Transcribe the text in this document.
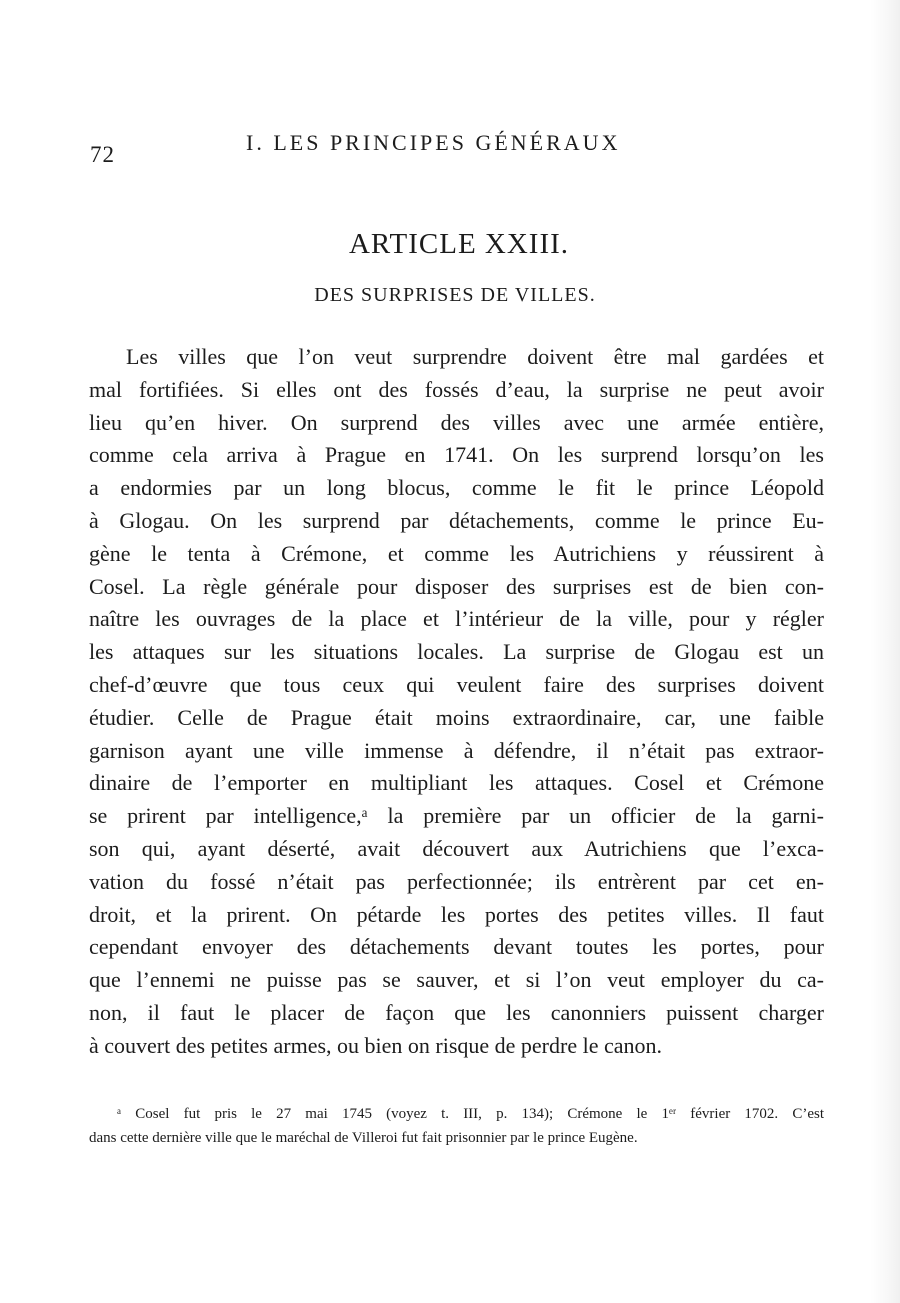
72	I. LES PRINCIPES GÉNÉRAUX
ARTICLE XXIII.
DES SURPRISES DE VILLES.
Les villes que l’on veut surprendre doivent être mal gardées et
mal fortifiées. Si elles ont des fossés d’eau, la surprise ne peut avoir
lieu qu’en hiver. On surprend des villes avec une armée entière,
comme cela arriva à Prague en 1741. On les surprend lorsqu’on les
a endormies par un long blocus, comme le fit le prince Léopold
à Glogau. On les surprend par détachements, comme le prince Eu-
gène le tenta à Crémone, et comme les Autrichiens y réussirent à
Cosel. La règle générale pour disposer des surprises est de bien con-
naître les ouvrages de la place et l’intérieur de la ville, pour y régler
les attaques sur les situations locales. La surprise de Glogau est un
chef-d’œuvre que tous ceux qui veulent faire des surprises doivent
étudier. Celle de Prague était moins extraordinaire, car, une faible
garnison ayant une ville immense à défendre, il n’était pas extraor-
dinaire de l’emporter en multipliant les attaques. Cosel et Crémone
se prirent par intelligence,ᵃ la première par un officier de la garni-
son qui, ayant déserté, avait découvert aux Autrichiens que l’exca-
vation du fossé n’était pas perfectionnée; ils entrèrent par cet en-
droit, et la prirent. On pétarde les portes des petites villes. Il faut
cependant envoyer des détachements devant toutes les portes, pour
que l’ennemi ne puisse pas se sauver, et si l’on veut employer du ca-
non, il faut le placer de façon que les canonniers puissent charger
à couvert des petites armes, ou bien on risque de perdre le canon.
ᵃ Cosel fut pris le 27 mai 1745 (voyez t. III, p. 134); Crémone le 1ᵉʳ février 1702. C’est
dans cette dernière ville que le maréchal de Villeroi fut fait prisonnier par le prince Eugène.
